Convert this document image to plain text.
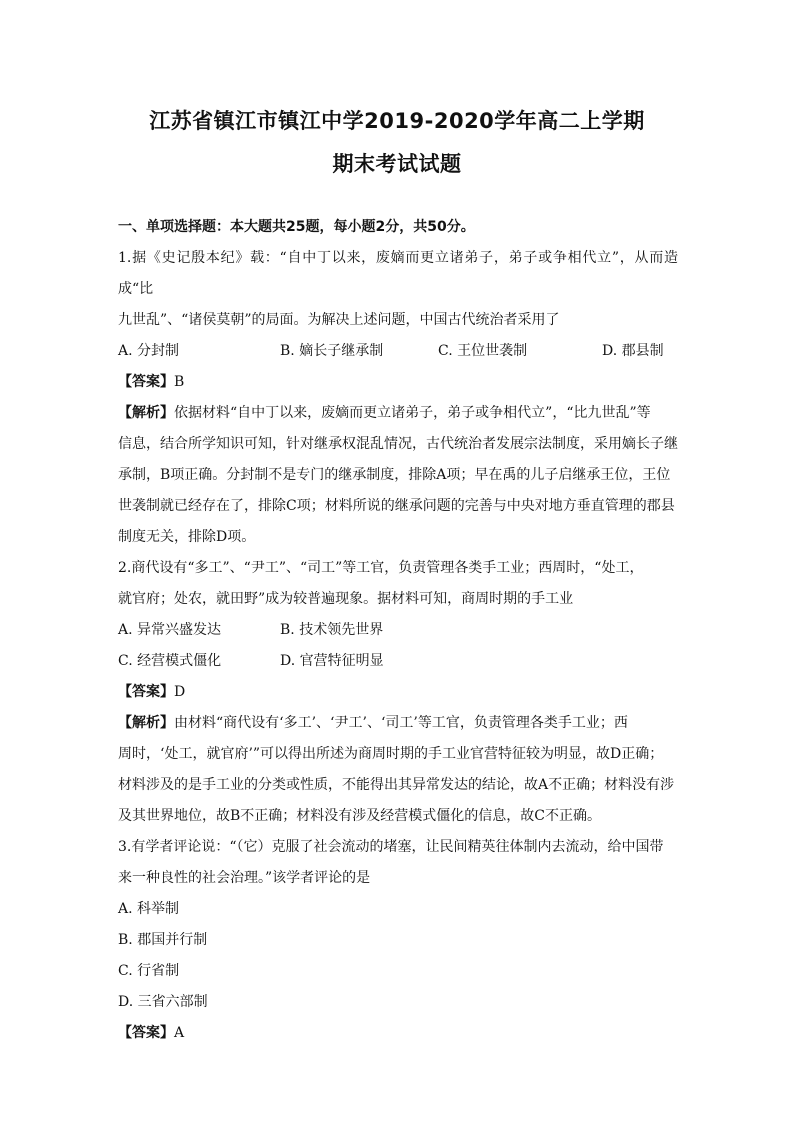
江苏省镇江市镇江中学2019-2020学年高二上学期
期末考试试题

一、单项选择题：本大题共25题，每小题2分，共50分。

1.据《史记殷本纪》载：“自中丁以来，废嫡而更立诸弟子，弟子或争相代立”，从而造成“比

九世乱”、“诸侯莫朝”的局面。为解决上述问题，中国古代统治者采用了

A. 分封制	B. 嫡长子继承制	C. 王位世袭制	D. 郡县制

【答案】B

【解析】依据材料“自中丁以来，废嫡而更立诸弟子，弟子或争相代立”，“比九世乱”等

信息，结合所学知识可知，针对继承权混乱情况，古代统治者发展宗法制度，采用嫡长子继

承制，B项正确。分封制不是专门的继承制度，排除A项；早在禹的儿子启继承王位，王位

世袭制就已经存在了，排除C项；材料所说的继承问题的完善与中央对地方垂直管理的郡县

制度无关，排除D项。

2.商代设有“多工”、“尹工”、“司工”等工官，负责管理各类手工业；西周时，“处工，

就官府；处农，就田野”成为较普遍现象。据材料可知，商周时期的手工业

A. 异常兴盛发达	B. 技术领先世界

C. 经营模式僵化	D. 官营特征明显

【答案】D

【解析】由材料“商代设有‘多工’、‘尹工’、‘司工’等工官，负责管理各类手工业；西

周时，‘处工，就官府’”可以得出所述为商周时期的手工业官营特征较为明显，故D正确；

材料涉及的是手工业的分类或性质，不能得出其异常发达的结论，故A不正确；材料没有涉

及其世界地位，故B不正确；材料没有涉及经营模式僵化的信息，故C不正确。

3.有学者评论说：“（它）克服了社会流动的堵塞，让民间精英往体制内去流动，给中国带

来一种良性的社会治理。”该学者评论的是

A. 科举制

B. 郡国并行制

C. 行省制

D. 三省六部制

【答案】A
